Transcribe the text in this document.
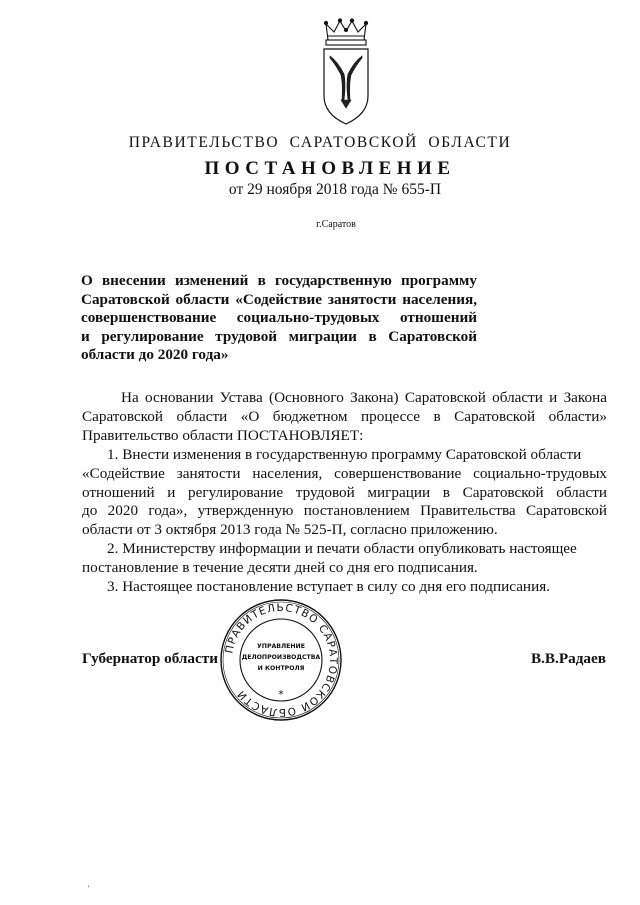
ПРАВИТЕЛЬСТВО САРАТОВСКОЙ ОБЛАСТИ
ПОСТАНОВЛЕНИЕ
от 29 ноября 2018 года № 655-П
г.Саратов
О внесении изменений в государственную программу
Саратовской области «Содействие занятости населения,
совершенствование социально-трудовых отношений
и регулирование трудовой миграции в Саратовской
области до 2020 года»
На основании Устава (Основного Закона) Саратовской области и Закона
Саратовской области «О бюджетном процессе в Саратовской области»
Правительство области ПОСТАНОВЛЯЕТ:
1. Внести изменения в государственную программу Саратовской области
«Содействие занятости населения, совершенствование социально-трудовых
отношений и регулирование трудовой миграции в Саратовской области
до 2020 года», утвержденную постановлением Правительства Саратовской
области от 3 октября 2013 года № 525-П, согласно приложению.
2. Министерству информации и печати области опубликовать настоящее
постановление в течение десяти дней со дня его подписания.
3. Настоящее постановление вступает в силу со дня его подписания.
Губернатор области	В.В.Радаев
ПРАВИТЕЛЬСТВО САРАТОВСКОЙ ОБЛАСТИ
УПРАВЛЕНИЕ
ДЕЛОПРОИЗВОДСТВА
И КОНТРОЛЯ
*
'
